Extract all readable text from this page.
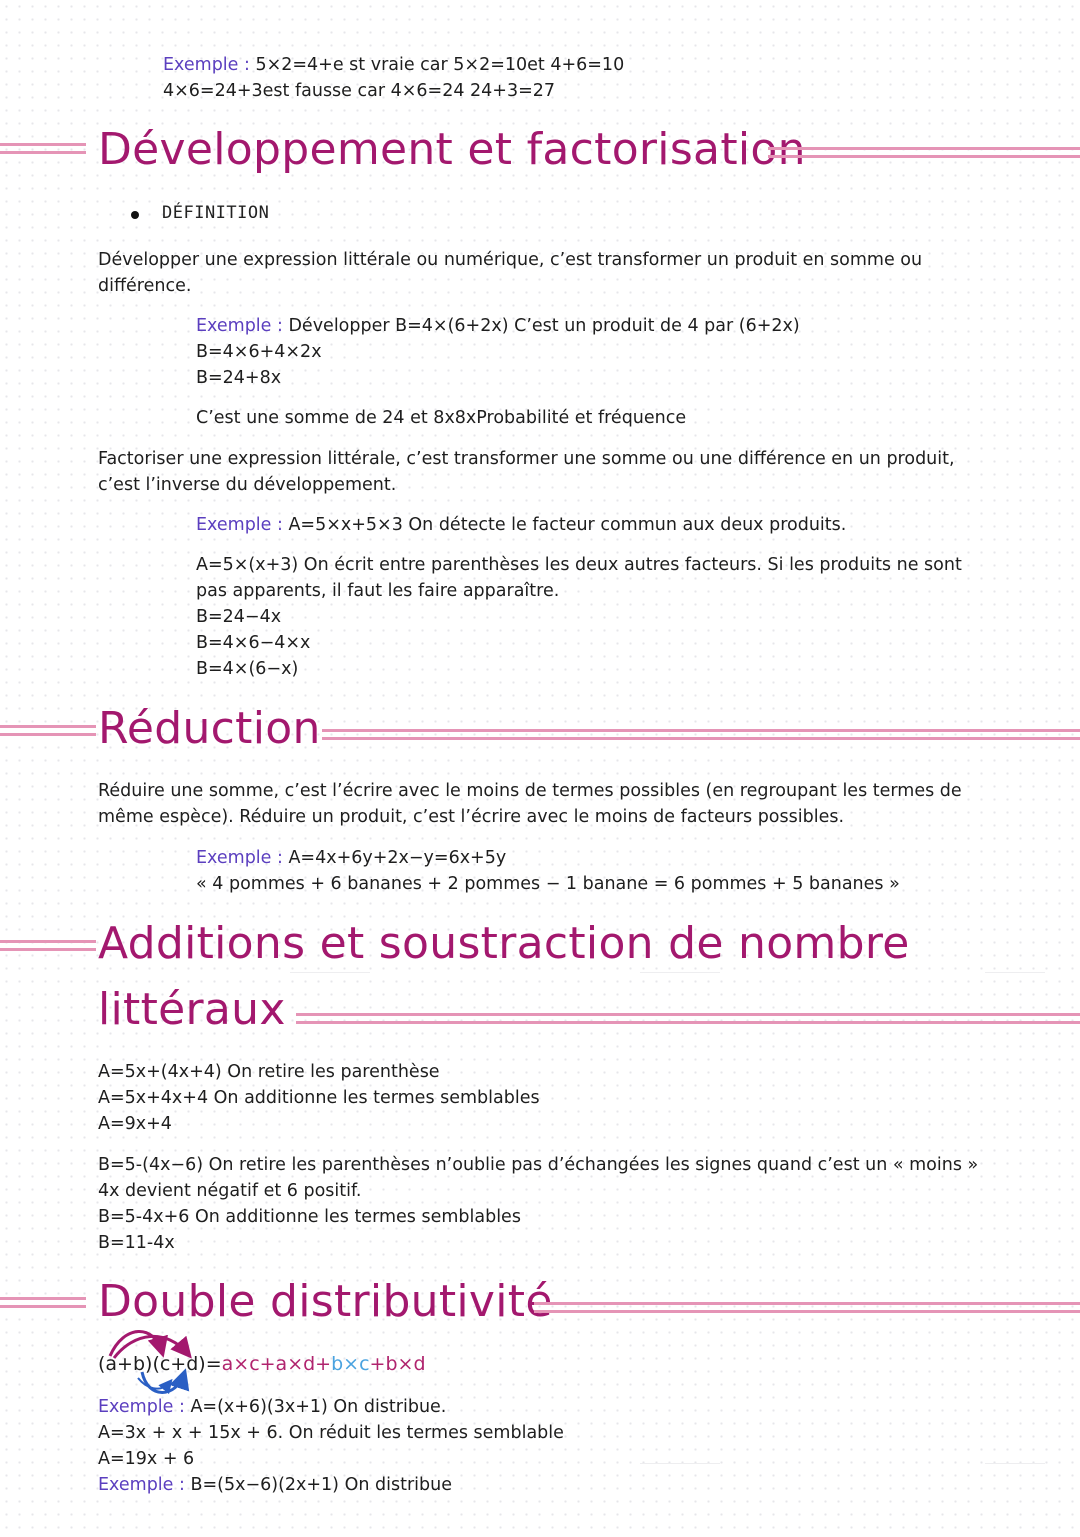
Exemple : 5×2=4+e st vraie car 5×2=10et 4+6=10
4×6=24+3est fausse car 4×6=24 24+3=27
Développement et factorisation
DÉFINITION
Développer une expression littérale ou numérique, c’est transformer un produit en somme ou
différence.
Exemple : Développer B=4×(6+2x) C’est un produit de 4 par (6+2x)
B=4×6+4×2x
B=24+8x
C’est une somme de 24 et 8x8xProbabilité et fréquence
Factoriser une expression littérale, c’est transformer une somme ou une différence en un produit,
c’est l’inverse du développement.
Exemple : A=5×x+5×3 On détecte le facteur commun aux deux produits.
A=5×(x+3) On écrit entre parenthèses les deux autres facteurs. Si les produits ne sont
pas apparents, il faut les faire apparaître.
B=24−4x
B=4×6−4×x
B=4×(6−x)
Réduction
Réduire une somme, c’est l’écrire avec le moins de termes possibles (en regroupant les termes de
même espèce). Réduire un produit, c’est l’écrire avec le moins de facteurs possibles.
Exemple : A=4x+6y+2x−y=6x+5y
« 4 pommes + 6 bananes + 2 pommes − 1 banane = 6 pommes + 5 bananes »
Additions et soustraction de nombre
littéraux
A=5x+(4x+4) On retire les parenthèse
A=5x+4x+4 On additionne les termes semblables
A=9x+4
B=5-(4x−6) On retire les parenthèses n’oublie pas d’échangées les signes quand c’est un « moins »
4x devient négatif et 6 positif.
B=5-4x+6 On additionne les termes semblables
B=11-4x
Double distributivité
(a+b)(c+d)=a×c+a×d+b×c+b×d
Exemple : A=(x+6)(3x+1) On distribue.
A=3x + x + 15x + 6. On réduit les termes semblable
A=19x + 6
Exemple : B=(5x−6)(2x+1) On distribue
